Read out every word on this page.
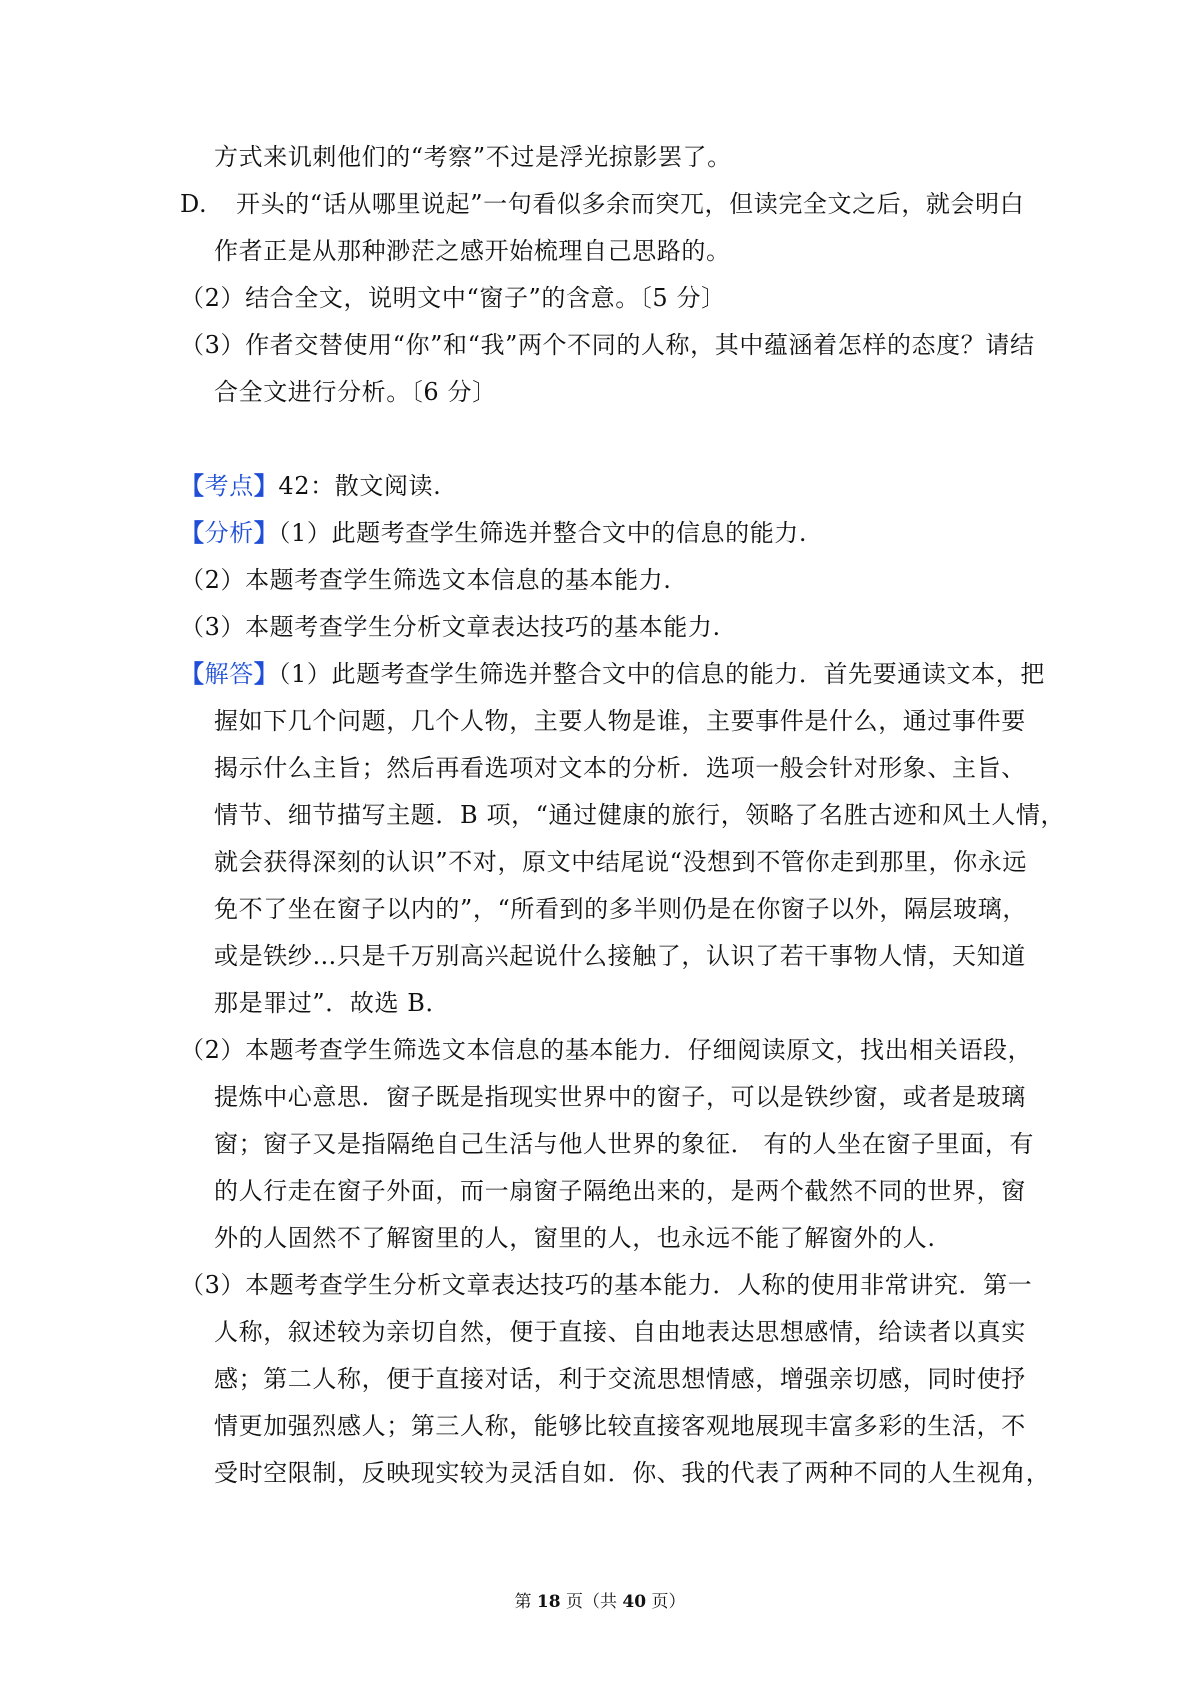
方式来讥刺他们的“考察”不过是浮光掠影罢了。
D. 开头的“话从哪里说起”一句看似多余而突兀，但读完全文之后，就会明白
作者正是从那种渺茫之感开始梳理自己思路的。
（2）结合全文，说明文中“窗子”的含意。〔5 分〕
（3）作者交替使用“你”和“我”两个不同的人称，其中蕴涵着怎样的态度？请结
合全文进行分析。〔6 分〕
【考点】42：散文阅读.
【分析】（1）此题考查学生筛选并整合文中的信息的能力.
（2）本题考查学生筛选文本信息的基本能力.
（3）本题考查学生分析文章表达技巧的基本能力.
【解答】（1）此题考查学生筛选并整合文中的信息的能力．首先要通读文本，把
握如下几个问题，几个人物，主要人物是谁，主要事件是什么，通过事件要
揭示什么主旨；然后再看选项对文本的分析．选项一般会针对形象、主旨、
情节、细节描写主题．B 项，“通过健康的旅行，领略了名胜古迹和风土人情，
就会获得深刻的认识”不对，原文中结尾说“没想到不管你走到那里，你永远
免不了坐在窗子以内的”，“所看到的多半则仍是在你窗子以外，隔层玻璃，
或是铁纱…只是千万别高兴起说什么接触了，认识了若干事物人情，天知道
那是罪过”．故选 B．
（2）本题考查学生筛选文本信息的基本能力．仔细阅读原文，找出相关语段，
提炼中心意思．窗子既是指现实世界中的窗子，可以是铁纱窗，或者是玻璃
窗；窗子又是指隔绝自己生活与他人世界的象征． 有的人坐在窗子里面，有
的人行走在窗子外面，而一扇窗子隔绝出来的，是两个截然不同的世界，窗
外的人固然不了解窗里的人，窗里的人，也永远不能了解窗外的人.
（3）本题考查学生分析文章表达技巧的基本能力．人称的使用非常讲究．第一
人称，叙述较为亲切自然，便于直接、自由地表达思想感情，给读者以真实
感；第二人称，便于直接对话，利于交流思想情感，增强亲切感，同时使抒
情更加强烈感人；第三人称，能够比较直接客观地展现丰富多彩的生活，不
受时空限制，反映现实较为灵活自如．你、我的代表了两种不同的人生视角，
第 18 页（共 40 页）
